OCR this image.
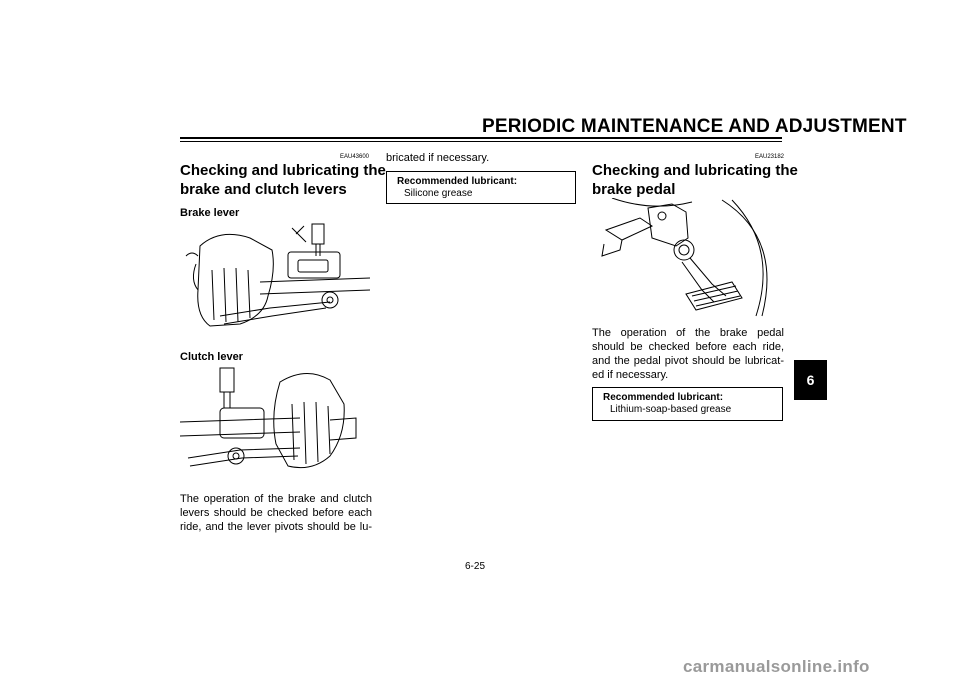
PERIODIC MAINTENANCE AND ADJUSTMENT
EAU43600
Checking and lubricating the
brake and clutch levers
Brake lever
Clutch lever
The operation of the brake and clutch
levers should be checked before each
ride, and the lever pivots should be lu-
bricated if necessary.
Recommended lubricant:
Silicone grease
EAU23182
Checking and lubricating the
brake pedal
The operation of the brake pedal
should be checked before each ride,
and the pedal pivot should be lubricat-
ed if necessary.
Recommended lubricant:
Lithium-soap-based grease
6
6-25
carmanualsonline.info
